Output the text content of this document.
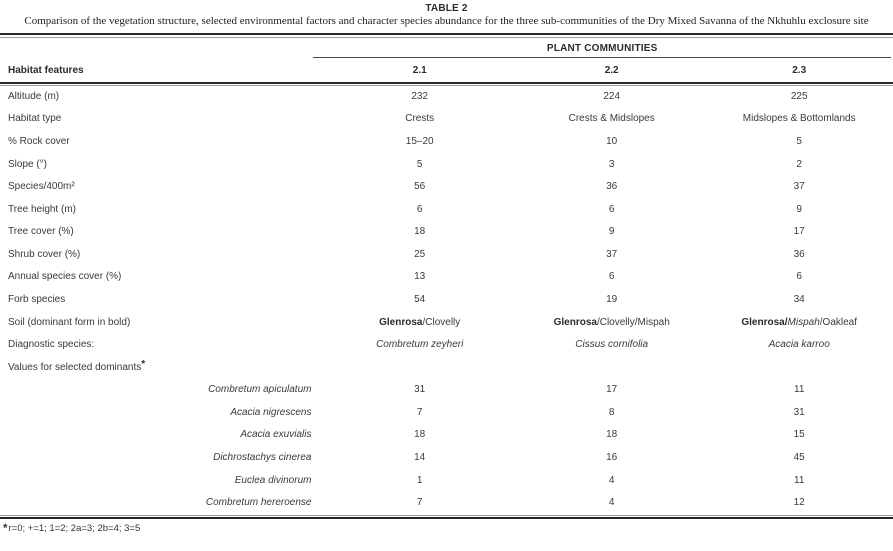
TABLE 2
Comparison of the vegetation structure, selected environmental factors and character species abundance for the three sub-communities of the Dry Mixed Savanna of the Nkhuhlu exclosure site
PLANT COMMUNITIES
Habitat features	2.1	2.2	2.3
Altitude (m)	232	224	225
Habitat type	Crests	Crests & Midslopes	Midslopes & Bottomlands
% Rock cover	15–20	10	5
Slope (°)	5	3	2
Species/400m²	56	36	37
Tree height (m)	6	6	9
Tree cover (%)	18	9	17
Shrub cover (%)	25	37	36
Annual species cover (%)	13	6	6
Forb species	54	19	34
Soil (dominant form in bold)	Glenrosa/Clovelly	Glenrosa/Clovelly/Mispah	Glenrosa/Mispah/Oakleaf
Diagnostic species:	Combretum zeyheri	Cissus cornifolia	Acacia karroo
Values for selected dominants*
Combretum apiculatum	31	17	11
Acacia nigrescens	7	8	31
Acacia exuvialis	18	18	15
Dichrostachys cinerea	14	16	45
Euclea divinorum	1	4	11
Combretum hereroense	7	4	12
*r=0; +=1; 1=2; 2a=3; 2b=4; 3=5
